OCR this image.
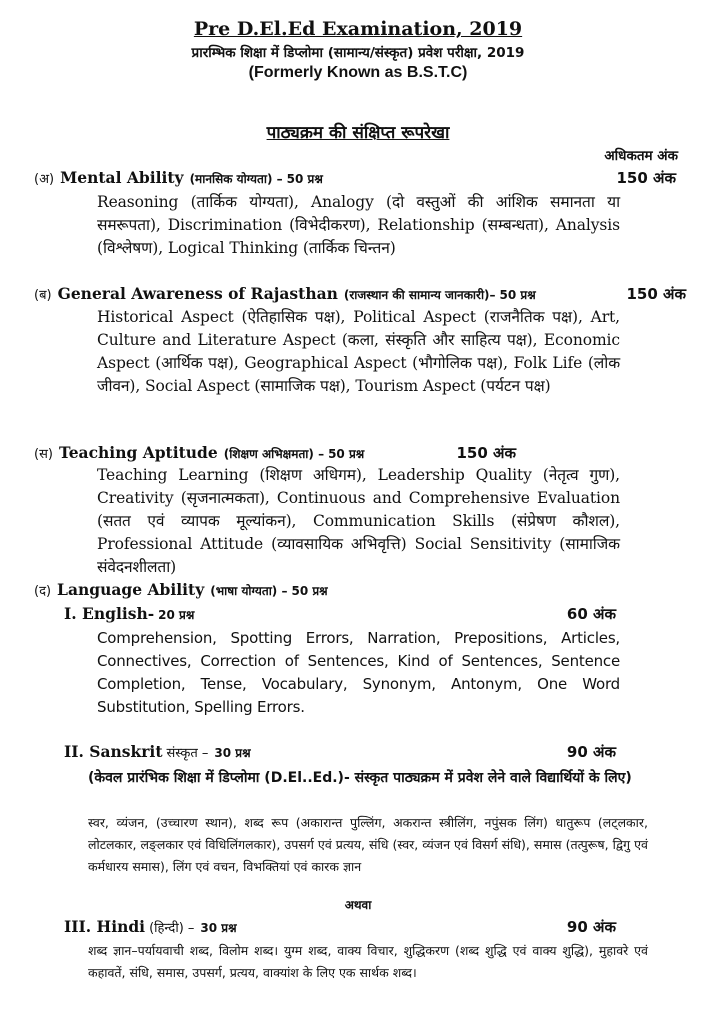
Pre D.El.Ed Examination, 2019
प्रारम्भिक शिक्षा में डिप्लोमा (सामान्य/संस्कृत) प्रवेश परीक्षा, 2019
(Formerly Known as B.S.T.C)
पाठ्यक्रम की संक्षिप्त रूपरेखा
अधिकतम अंक
(अ) Mental Ability (मानसिक योग्यता) – 50 प्रश्न	150 अंक
Reasoning (तार्किक योग्यता), Analogy (दो वस्तुओं की आंशिक समानता या समरूपता), Discrimination (विभेदीकरण), Relationship (सम्बन्धता), Analysis (विश्लेषण), Logical Thinking (तार्किक चिन्तन)
(ब) General Awareness of Rajasthan (राजस्थान की सामान्य जानकारी)– 50 प्रश्न	150 अंक
Historical Aspect (ऐतिहासिक पक्ष), Political Aspect (राजनैतिक पक्ष), Art, Culture and Literature Aspect (कला, संस्कृति और साहित्य पक्ष), Economic Aspect (आर्थिक पक्ष), Geographical Aspect (भौगोलिक पक्ष), Folk Life (लोक जीवन), Social Aspect (सामाजिक पक्ष), Tourism Aspect (पर्यटन पक्ष)
(स) Teaching Aptitude (शिक्षण अभिक्षमता) – 50 प्रश्न	150 अंक
Teaching Learning (शिक्षण अधिगम), Leadership Quality (नेतृत्व गुण), Creativity (सृजनात्मकता), Continuous and Comprehensive Evaluation (सतत एवं व्यापक मूल्यांकन), Communication Skills (संप्रेषण कौशल), Professional Attitude (व्यावसायिक अभिवृत्ति) Social Sensitivity (सामाजिक संवेदनशीलता)
(द) Language Ability (भाषा योग्यता) – 50 प्रश्न
I. English- 20 प्रश्न	60 अंक
Comprehension, Spotting Errors, Narration, Prepositions, Articles, Connectives, Correction of Sentences, Kind of Sentences, Sentence Completion, Tense, Vocabulary, Synonym, Antonym, One Word Substitution, Spelling Errors.
II. Sanskrit संस्कृत – 30 प्रश्न	90 अंक
(केवल प्रारंभिक शिक्षा में डिप्लोमा (D.El..Ed.)- संस्कृत पाठ्यक्रम में प्रवेश लेने वाले विद्यार्थियों के लिए)
स्वर, व्यंजन, (उच्चारण स्थान), शब्द रूप (अकारान्त पुल्लिंग, अकरान्त स्त्रीलिंग, नपुंसक लिंग) धातुरूप (लट्लकार, लोटलकार, लङ्लकार एवं विधिलिंगलकार), उपसर्ग एवं प्रत्यय, संधि (स्वर, व्यंजन एवं विसर्ग संधि), समास (तत्पुरूष, द्विगु एवं कर्मधारय समास), लिंग एवं वचन, विभक्तियां एवं कारक ज्ञान
अथवा
III. Hindi (हिन्दी) – 30 प्रश्न	90 अंक
शब्द ज्ञान–पर्यायवाची शब्द, विलोम शब्द। युग्म शब्द, वाक्य विचार, शुद्धिकरण (शब्द शुद्धि एवं वाक्य शुद्धि), मुहावरे एवं कहावतें, संधि, समास, उपसर्ग, प्रत्यय, वाक्यांश के लिए एक सार्थक शब्द।
